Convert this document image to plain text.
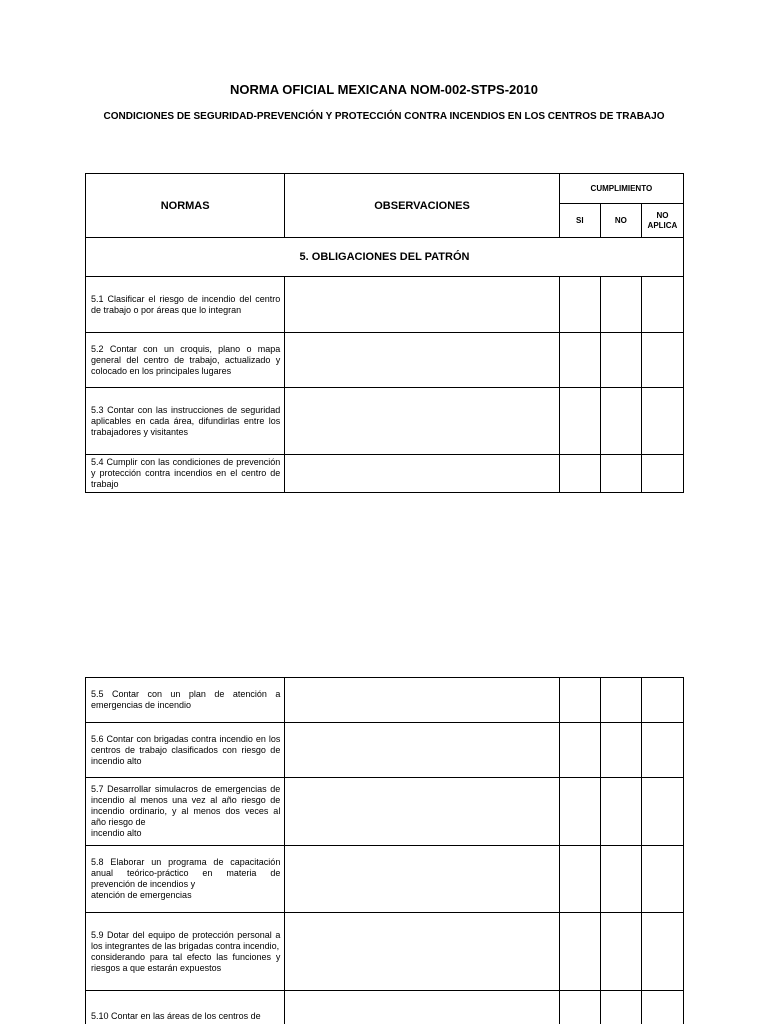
NORMA OFICIAL MEXICANA NOM-002-STPS-2010
CONDICIONES DE SEGURIDAD-PREVENCIÓN Y PROTECCIÓN CONTRA INCENDIOS EN LOS CENTROS DE TRABAJO
NORMAS	OBSERVACIONES	CUMPLIMIENTO		
		SI	NO	NO APLICA
5. OBLIGACIONES DEL PATRÓN				
5.1 Clasificar el riesgo de incendio del centro de trabajo o por áreas que lo integran				
5.2 Contar con un croquis, plano o mapa general del centro de trabajo, actualizado y colocado en los principales lugares				
5.3 Contar con las instrucciones de seguridad aplicables en cada área, difundirlas entre los trabajadores y visitantes				
5.4 Cumplir con las condiciones de prevención y protección contra incendios en el centro de trabajo				
5.5 Contar con un plan de atención a emergencias de incendio				
5.6 Contar con brigadas contra incendio en los centros de trabajo clasificados con riesgo de incendio alto				
5.7 Desarrollar simulacros de emergencias de incendio al menos una vez al año riesgo de incendio ordinario, y al menos dos veces al año riesgo de
incendio alto				
5.8 Elaborar un programa de capacitación anual teórico-práctico en materia de prevención de incendios y
atención de emergencias				
5.9 Dotar del equipo de protección personal a los integrantes de las brigadas contra incendio,
considerando para tal efecto las funciones y riesgos a que estarán expuestos				
5.10 Contar en las áreas de los centros de				
